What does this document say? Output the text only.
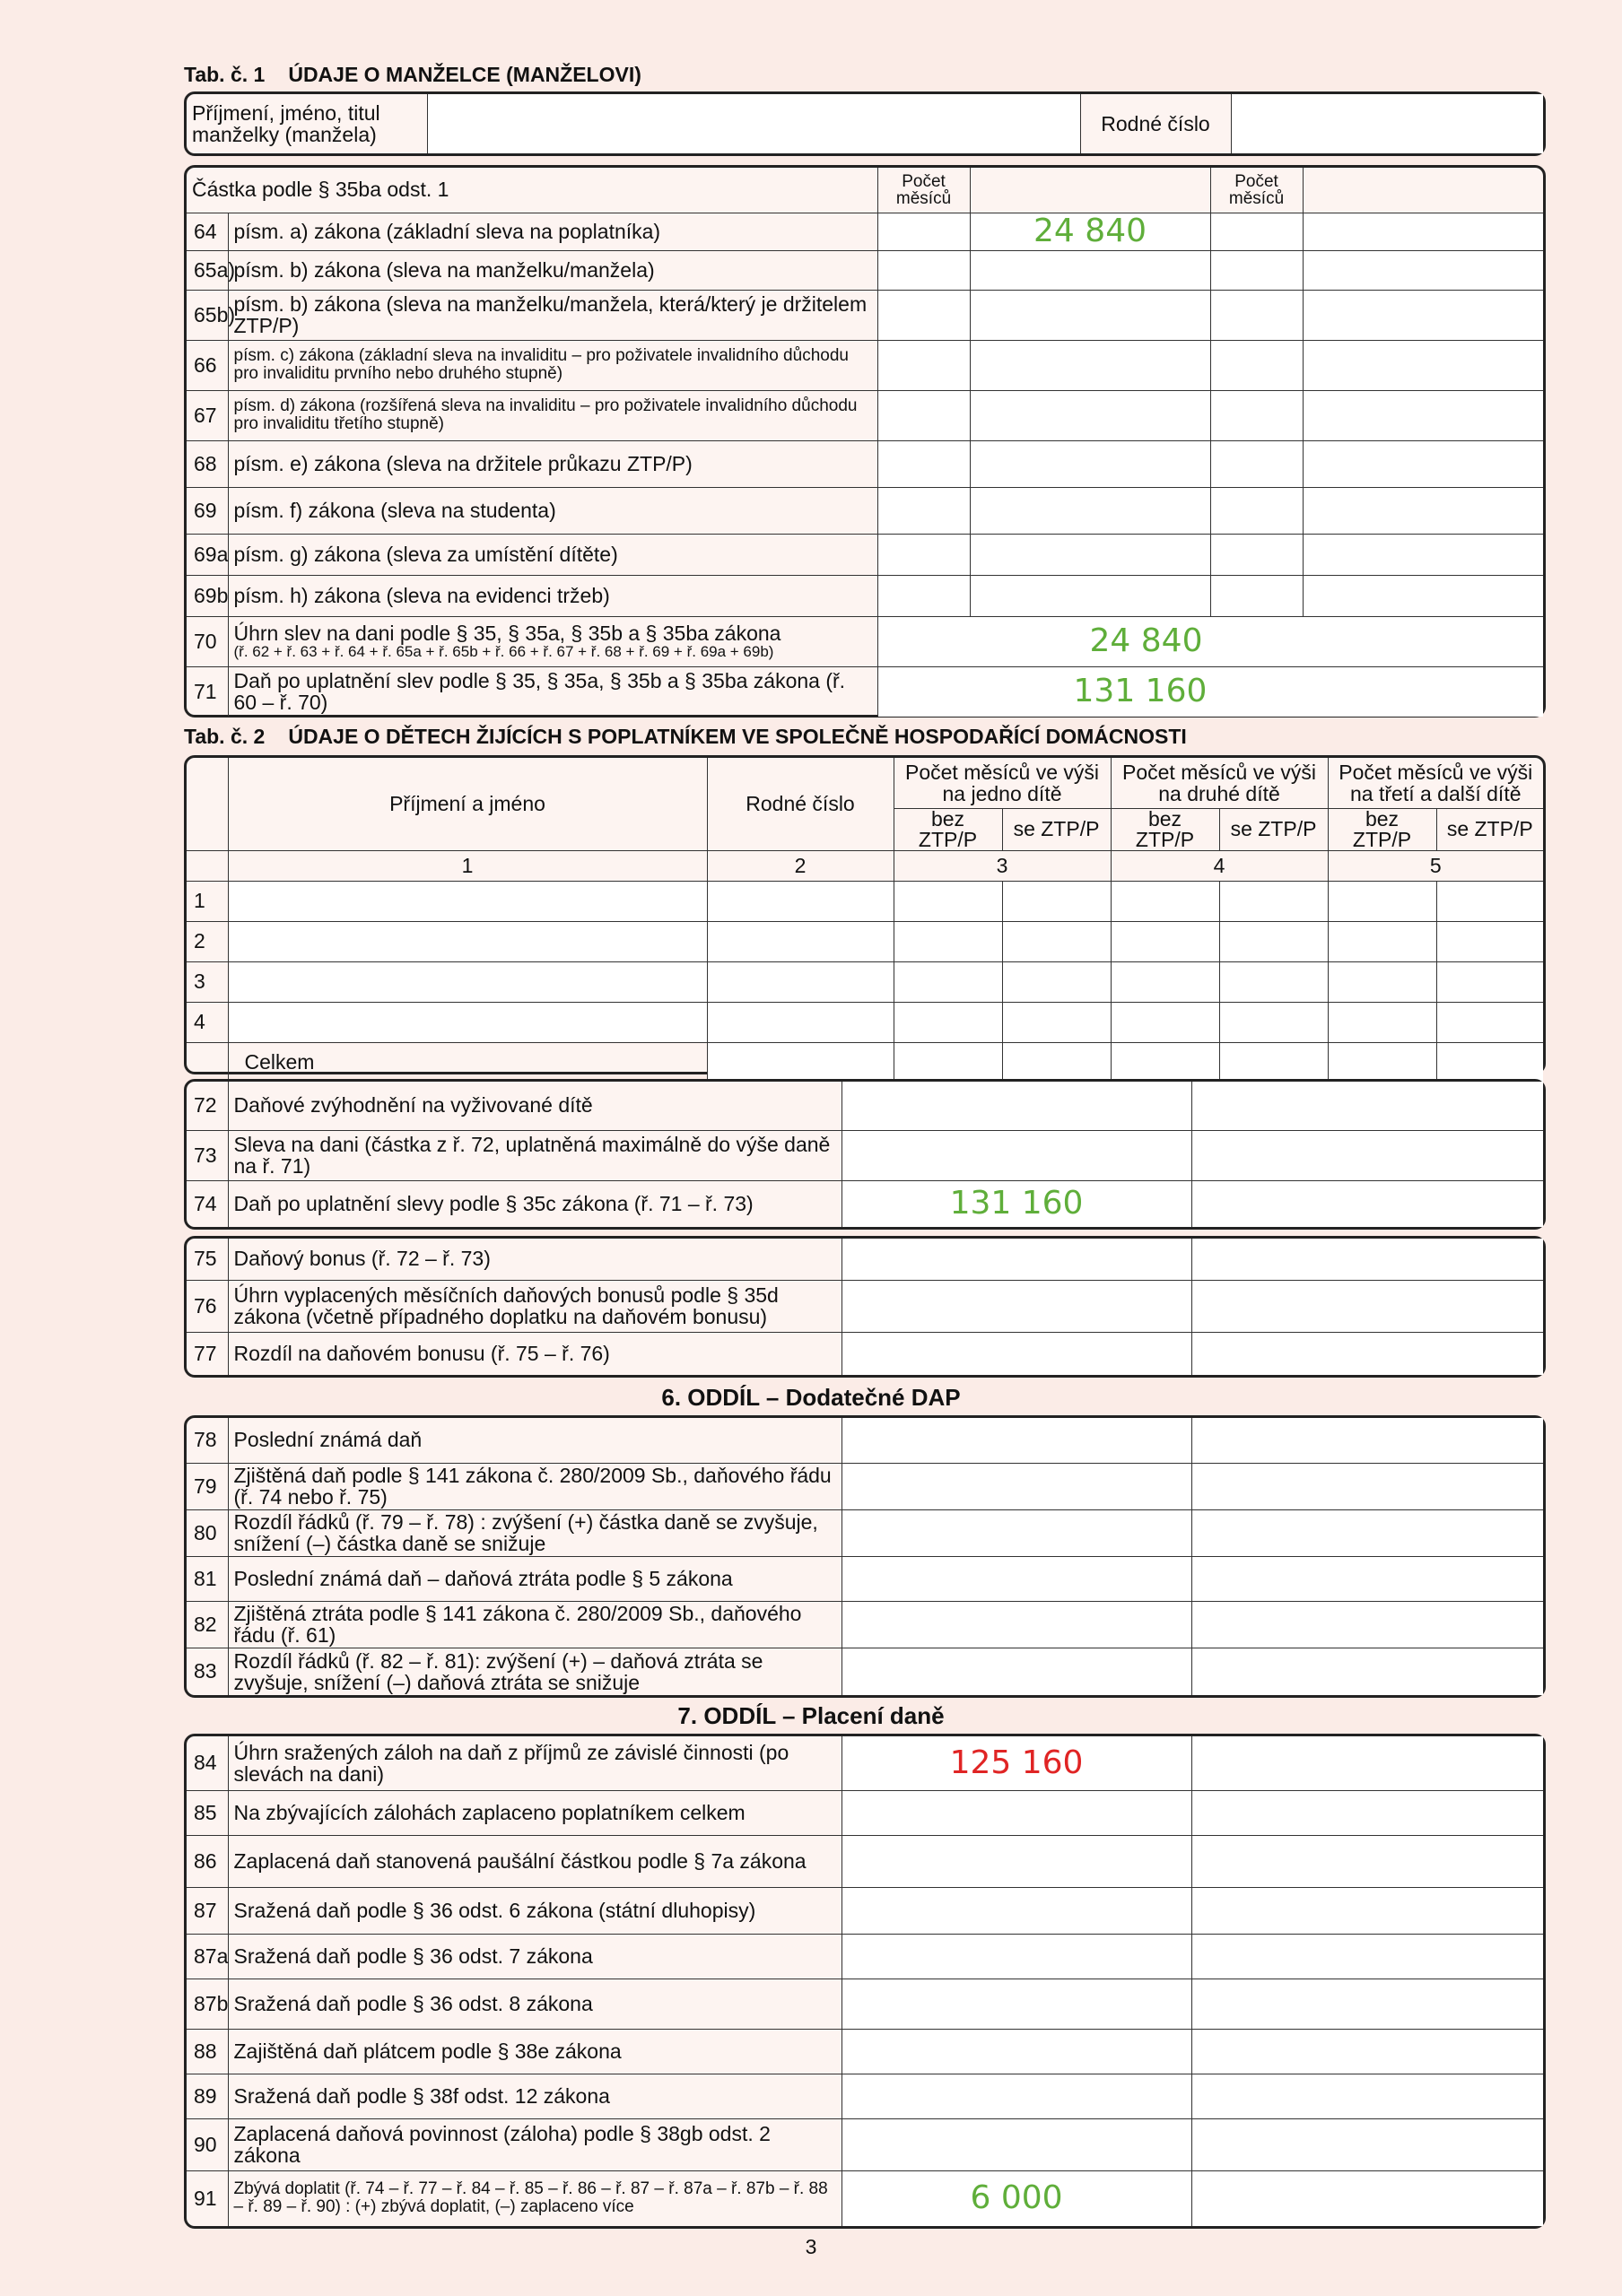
Tab. č. 1 ÚDAJE O MANŽELCE (MANŽELOVI)
Příjmení, jméno, titul manželky (manžela)		Rodné číslo	
Částka podle § 35ba odst. 1		Počet měsíců		Počet měsíců	
64	písm. a) zákona (základní sleva na poplatníka)		24 840		
65a)	písm. b) zákona (sleva na manželku/manžela)				
65b)	písm. b) zákona (sleva na manželku/manžela, která/který je držitelem ZTP/P)				
66	písm. c) zákona (základní sleva na invaliditu – pro poživatele invalidního důchodu pro invaliditu prvního nebo druhého stupně)				
67	písm. d) zákona (rozšířená sleva na invaliditu – pro poživatele invalidního důchodu pro invaliditu třetího stupně)				
68	písm. e) zákona (sleva na držitele průkazu ZTP/P)				
69	písm. f) zákona (sleva na studenta)				
69a	písm. g) zákona (sleva za umístění dítěte)				
69b	písm. h) zákona (sleva na evidenci tržeb)				
70	Úhrn slev na dani podle § 35, § 35a, § 35b a § 35ba zákona
(ř. 62 + ř. 63 + ř. 64 + ř. 65a + ř. 65b + ř. 66 + ř. 67 + ř. 68 + ř. 69 + ř. 69a + 69b)	24 840			
71	Daň po uplatnění slev podle § 35, § 35a, § 35b a § 35ba zákona (ř. 60 – ř. 70)	131 160			
Tab. č. 2 ÚDAJE O DĚTECH ŽIJÍCÍCH S POPLATNÍKEM VE SPOLEČNĚ HOSPODAŘÍCÍ DOMÁCNOSTI
	Příjmení a jméno	Rodné číslo	Počet měsíců ve výši na jedno dítě		Počet měsíců ve výši na druhé dítě		Počet měsíců ve výši na třetí a další dítě	
			bez ZTP/P	se ZTP/P	bez ZTP/P	se ZTP/P	bez ZTP/P	se ZTP/P
	1	2	3		4		5	
1								
2								
3								
4								
	Celkem							
72	Daňové zvýhodnění na vyživované dítě		
73	Sleva na dani (částka z ř. 72, uplatněná maximálně do výše daně na ř. 71)		
74	Daň po uplatnění slevy podle § 35c zákona (ř. 71 – ř. 73)	131 160	
75	Daňový bonus (ř. 72 – ř. 73)		
76	Úhrn vyplacených měsíčních daňových bonusů podle § 35d zákona (včetně případného doplatku na daňovém bonusu)		
77	Rozdíl na daňovém bonusu (ř. 75 – ř. 76)		
6. ODDÍL – Dodatečné DAP
78	Poslední známá daň		
79	Zjištěná daň podle § 141 zákona č. 280/2009 Sb., daňového řádu (ř. 74 nebo ř. 75)		
80	Rozdíl řádků (ř. 79 – ř. 78) : zvýšení (+) částka daně se zvyšuje, snížení (–) částka daně se snižuje		
81	Poslední známá daň – daňová ztráta podle § 5 zákona		
82	Zjištěná ztráta podle § 141 zákona č. 280/2009 Sb., daňového řádu (ř. 61)		
83	Rozdíl řádků (ř. 82 – ř. 81): zvýšení (+) – daňová ztráta se zvyšuje, snížení (–) daňová ztráta se snižuje		
7. ODDÍL – Placení daně
84	Úhrn sražených záloh na daň z příjmů ze závislé činnosti (po slevách na dani)	125 160	
85	Na zbývajících zálohách zaplaceno poplatníkem celkem		
86	Zaplacená daň stanovená paušální částkou podle § 7a zákona		
87	Sražená daň podle § 36 odst. 6 zákona (státní dluhopisy)		
87a	Sražená daň podle § 36 odst. 7 zákona		
87b	Sražená daň podle § 36 odst. 8 zákona		
88	Zajištěná daň plátcem podle § 38e zákona		
89	Sražená daň podle § 38f odst. 12 zákona		
90	Zaplacená daňová povinnost (záloha) podle § 38gb odst. 2 zákona		
91	Zbývá doplatit (ř. 74 – ř. 77 – ř. 84 – ř. 85 – ř. 86 – ř. 87 – ř. 87a – ř. 87b – ř. 88 – ř. 89 – ř. 90) : (+) zbývá doplatit, (–) zaplaceno více	6 000	
3
